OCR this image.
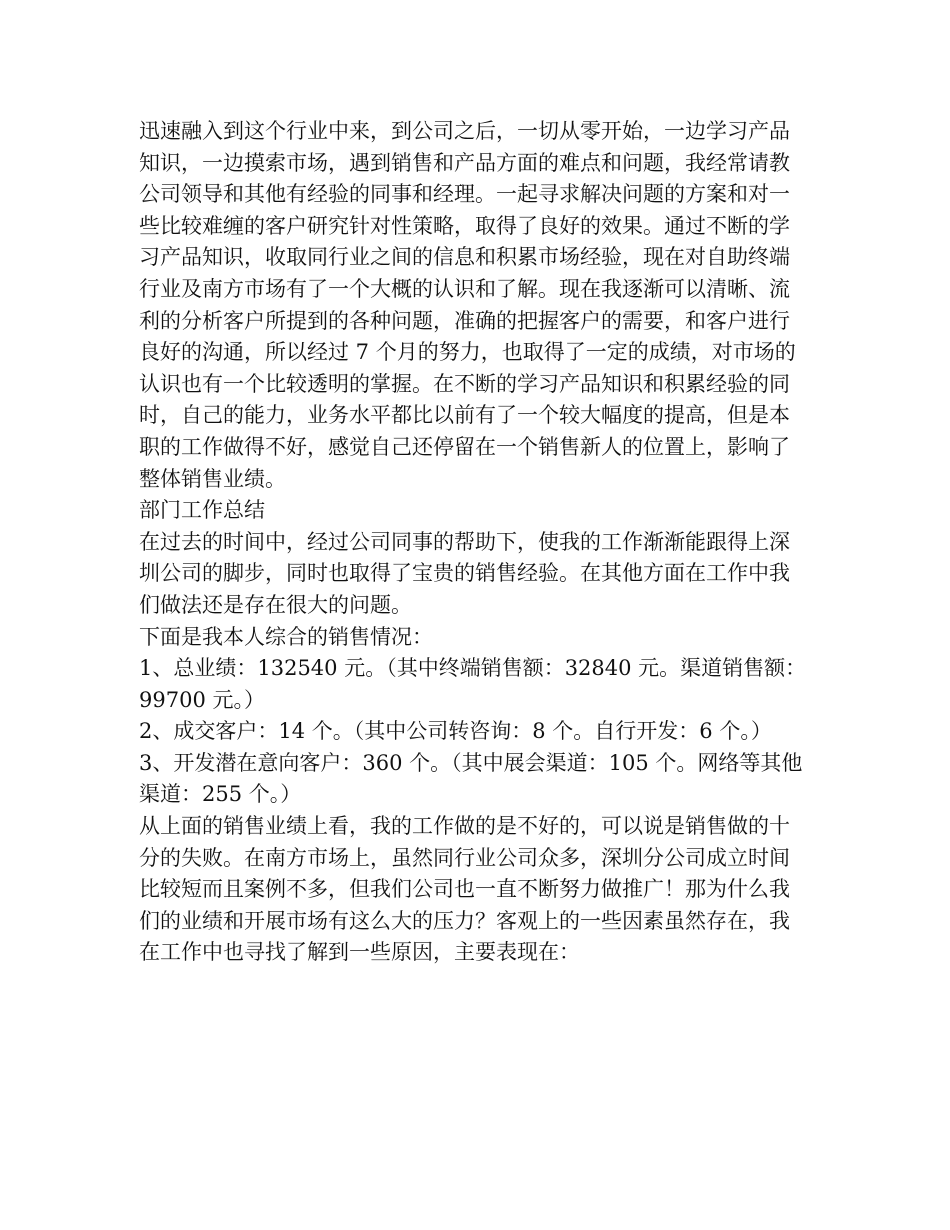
迅速融入到这个行业中来，到公司之后，一切从零开始，一边学习产品
知识，一边摸索市场，遇到销售和产品方面的难点和问题，我经常请教
公司领导和其他有经验的同事和经理。一起寻求解决问题的方案和对一
些比较难缠的客户研究针对性策略，取得了良好的效果。通过不断的学
习产品知识，收取同行业之间的信息和积累市场经验，现在对自助终端
行业及南方市场有了一个大概的认识和了解。现在我逐渐可以清晰、流
利的分析客户所提到的各种问题，准确的把握客户的需要，和客户进行
良好的沟通，所以经过 7 个月的努力，也取得了一定的成绩，对市场的
认识也有一个比较透明的掌握。在不断的学习产品知识和积累经验的同
时，自己的能力，业务水平都比以前有了一个较大幅度的提高，但是本
职的工作做得不好，感觉自己还停留在一个销售新人的位置上，影响了
整体销售业绩。
部门工作总结
在过去的时间中，经过公司同事的帮助下，使我的工作渐渐能跟得上深
圳公司的脚步，同时也取得了宝贵的销售经验。在其他方面在工作中我
们做法还是存在很大的问题。
下面是我本人综合的销售情况：
1、总业绩：132540 元。（其中终端销售额：32840 元。渠道销售额：
99700 元。）
2、成交客户：14 个。（其中公司转咨询：8 个。自行开发：6 个。）
3、开发潜在意向客户：360 个。（其中展会渠道：105 个。网络等其他
渠道：255 个。）
从上面的销售业绩上看，我的工作做的是不好的，可以说是销售做的十
分的失败。在南方市场上，虽然同行业公司众多，深圳分公司成立时间
比较短而且案例不多，但我们公司也一直不断努力做推广！那为什么我
们的业绩和开展市场有这么大的压力？客观上的一些因素虽然存在，我
在工作中也寻找了解到一些原因，主要表现在：
